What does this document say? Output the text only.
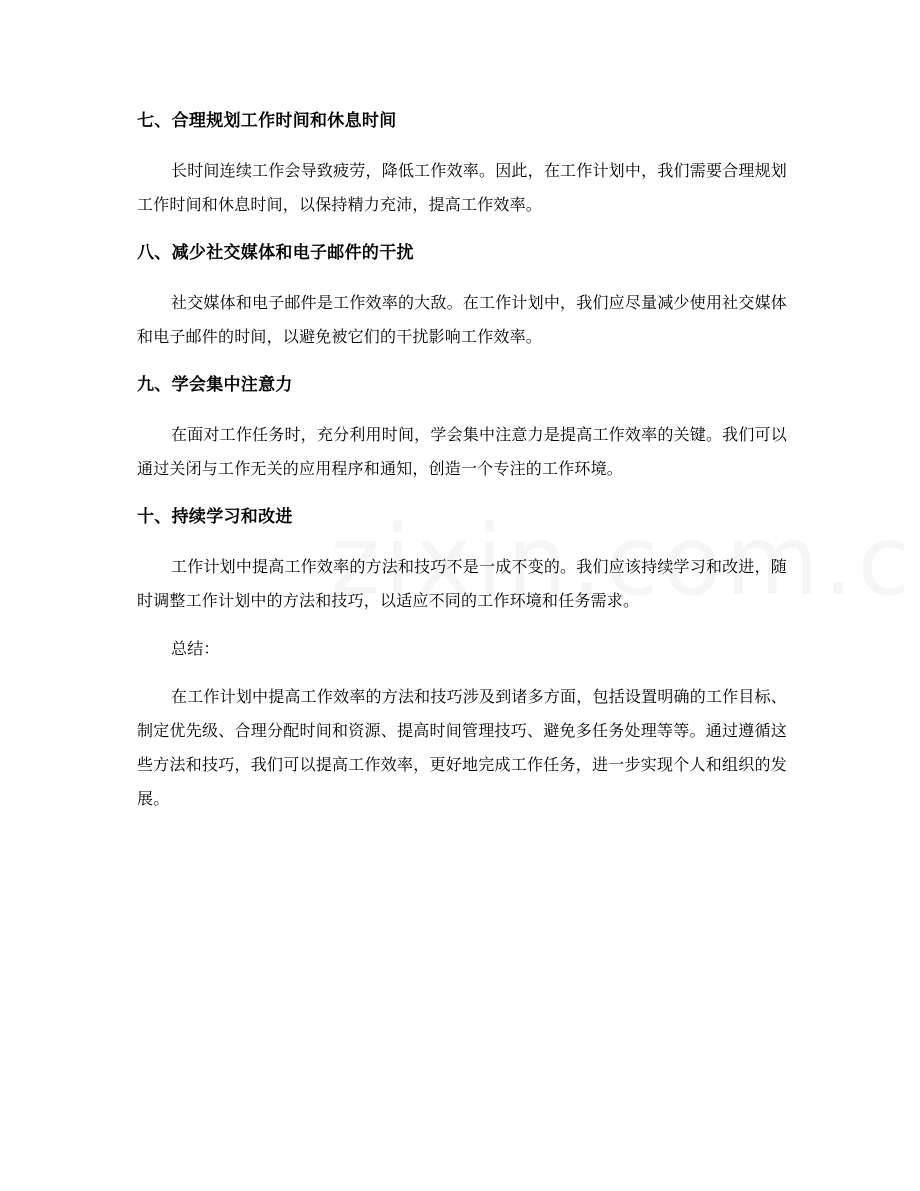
七、合理规划工作时间和休息时间

长时间连续工作会导致疲劳，降低工作效率。因此，在工作计划中，我们需要合理规划工作时间和休息时间，以保持精力充沛，提高工作效率。

八、减少社交媒体和电子邮件的干扰

社交媒体和电子邮件是工作效率的大敌。在工作计划中，我们应尽量减少使用社交媒体和电子邮件的时间，以避免被它们的干扰影响工作效率。

九、学会集中注意力

在面对工作任务时，充分利用时间，学会集中注意力是提高工作效率的关键。我们可以通过关闭与工作无关的应用程序和通知，创造一个专注的工作环境。

十、持续学习和改进

工作计划中提高工作效率的方法和技巧不是一成不变的。我们应该持续学习和改进，随时调整工作计划中的方法和技巧，以适应不同的工作环境和任务需求。

总结：

在工作计划中提高工作效率的方法和技巧涉及到诸多方面，包括设置明确的工作目标、制定优先级、合理分配时间和资源、提高时间管理技巧、避免多任务处理等等。通过遵循这些方法和技巧，我们可以提高工作效率，更好地完成工作任务，进一步实现个人和组织的发展。
